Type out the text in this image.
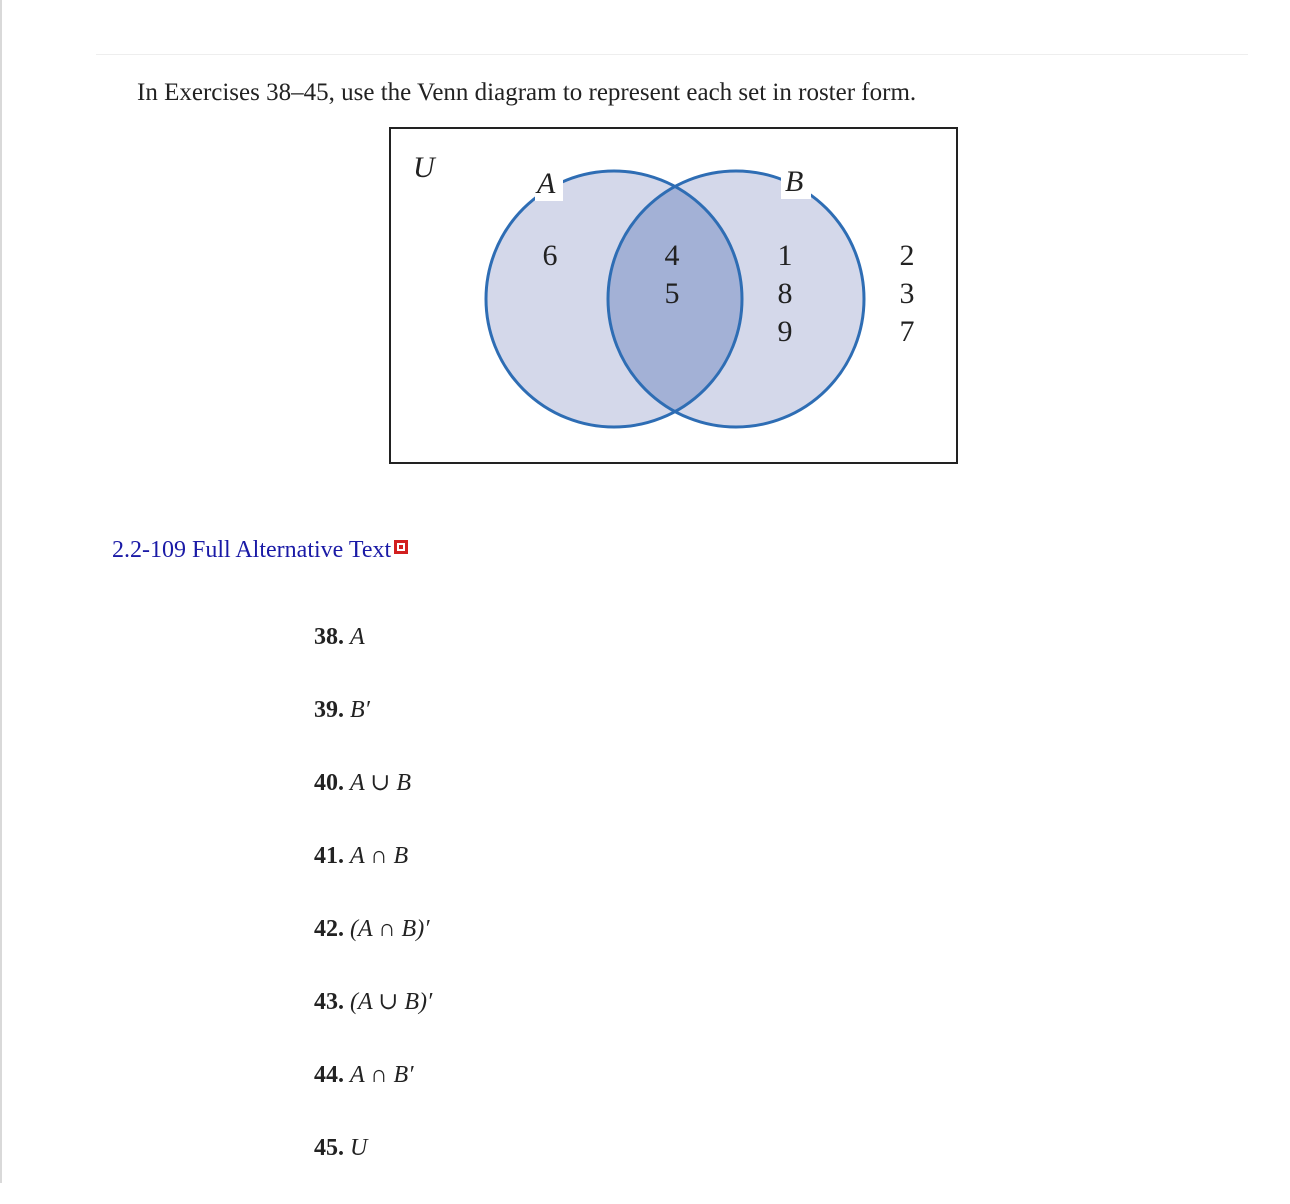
In Exercises 38–45, use the Venn diagram to represent each set in roster form.

U	A	B
6	4
5
1
8
9
2
3
7
2.2-109 Full Alternative Text
38. A
39. B′
40. A ∪ B
41. A ∩ B
42. (A ∩ B)′
43. (A ∪ B)′
44. A ∩ B′
45. U
